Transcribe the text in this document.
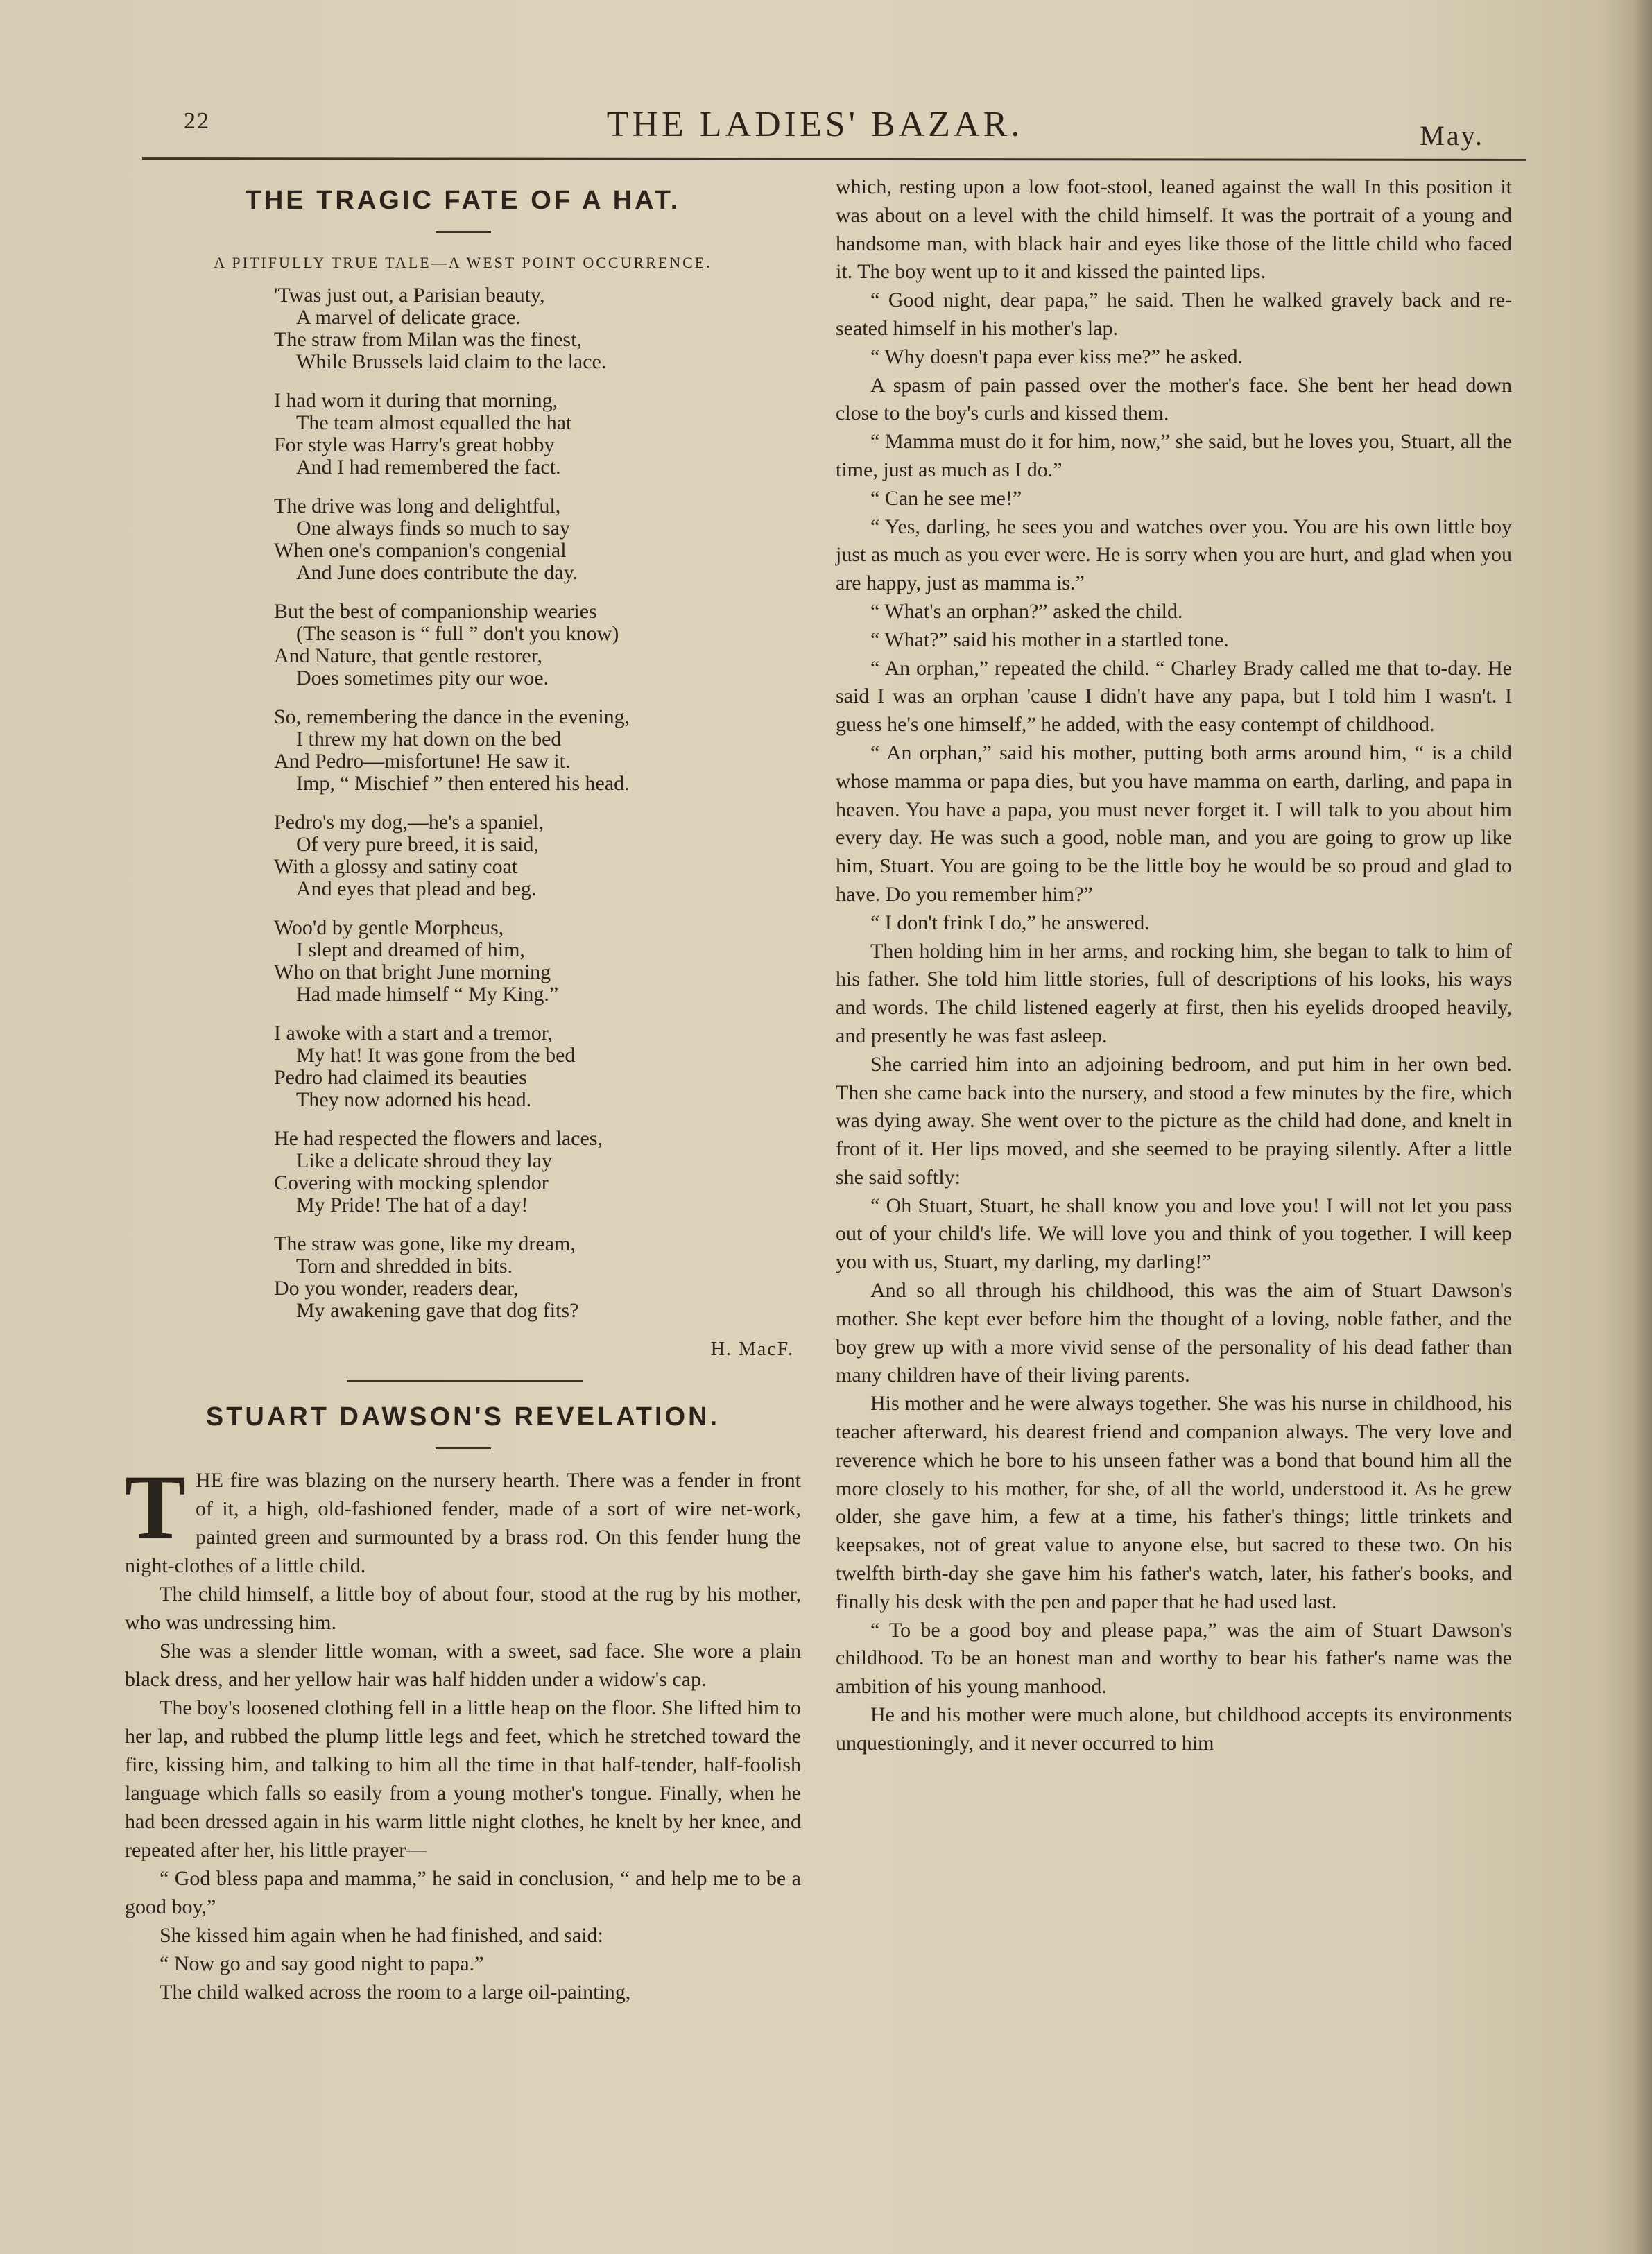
22	THE LADIES' BAZAR.	May.
THE TRAGIC FATE OF A HAT.
A PITIFULLY TRUE TALE—A WEST POINT OCCURRENCE.
'Twas just out, a Parisian beauty,
A marvel of delicate grace.
The straw from Milan was the finest,
While Brussels laid claim to the lace.
I had worn it during that morning,
The team almost equalled the hat
For style was Harry's great hobby
And I had remembered the fact.
The drive was long and delightful,
One always finds so much to say
When one's companion's congenial
And June does contribute the day.
But the best of companionship wearies
(The season is “ full ” don't you know)
And Nature, that gentle restorer,
Does sometimes pity our woe.
So, remembering the dance in the evening,
I threw my hat down on the bed
And Pedro—misfortune! He saw it.
Imp, “ Mischief ” then entered his head.
Pedro's my dog,—he's a spaniel,
Of very pure breed, it is said,
With a glossy and satiny coat
And eyes that plead and beg.
Woo'd by gentle Morpheus,
I slept and dreamed of him,
Who on that bright June morning
Had made himself “ My King.”
I awoke with a start and a tremor,
My hat! It was gone from the bed
Pedro had claimed its beauties
They now adorned his head.
He had respected the flowers and laces,
Like a delicate shroud they lay
Covering with mocking splendor
My Pride! The hat of a day!
The straw was gone, like my dream,
Torn and shredded in bits.
Do you wonder, readers dear,
My awakening gave that dog fits?
H. MacF.
STUART DAWSON'S REVELATION.

THE fire was blazing on the nursery hearth. There was a fender in front of it, a high, old-fashioned fender, made of a sort of wire net-work, painted green and surmounted by a brass rod. On this fender hung the night-clothes of a little child.

The child himself, a little boy of about four, stood at the rug by his mother, who was undressing him.

She was a slender little woman, with a sweet, sad face. She wore a plain black dress, and her yellow hair was half hidden under a widow's cap.

The boy's loosened clothing fell in a little heap on the floor. She lifted him to her lap, and rubbed the plump little legs and feet, which he stretched toward the fire, kissing him, and talking to him all the time in that half-tender, half-foolish language which falls so easily from a young mother's tongue. Finally, when he had been dressed again in his warm little night clothes, he knelt by her knee, and repeated after her, his little prayer—

“ God bless papa and mamma,” he said in conclusion, “ and help me to be a good boy,”

She kissed him again when he had finished, and said:

“ Now go and say good night to papa.”

The child walked across the room to a large oil-painting,

which, resting upon a low foot-stool, leaned against the wall In this position it was about on a level with the child himself. It was the portrait of a young and handsome man, with black hair and eyes like those of the little child who faced it. The boy went up to it and kissed the painted lips.

“ Good night, dear papa,” he said. Then he walked gravely back and re-seated himself in his mother's lap.

“ Why doesn't papa ever kiss me?” he asked.

A spasm of pain passed over the mother's face. She bent her head down close to the boy's curls and kissed them.

“ Mamma must do it for him, now,” she said, but he loves you, Stuart, all the time, just as much as I do.”

“ Can he see me!”

“ Yes, darling, he sees you and watches over you. You are his own little boy just as much as you ever were. He is sorry when you are hurt, and glad when you are happy, just as mamma is.”

“ What's an orphan?” asked the child.

“ What?” said his mother in a startled tone.

“ An orphan,” repeated the child. “ Charley Brady called me that to-day. He said I was an orphan 'cause I didn't have any papa, but I told him I wasn't. I guess he's one himself,” he added, with the easy contempt of childhood.

“ An orphan,” said his mother, putting both arms around him, “ is a child whose mamma or papa dies, but you have mamma on earth, darling, and papa in heaven. You have a papa, you must never forget it. I will talk to you about him every day. He was such a good, noble man, and you are going to grow up like him, Stuart. You are going to be the little boy he would be so proud and glad to have. Do you remember him?”

“ I don't frink I do,” he answered.

Then holding him in her arms, and rocking him, she began to talk to him of his father. She told him little stories, full of descriptions of his looks, his ways and words. The child listened eagerly at first, then his eyelids drooped heavily, and presently he was fast asleep.

She carried him into an adjoining bedroom, and put him in her own bed. Then she came back into the nursery, and stood a few minutes by the fire, which was dying away. She went over to the picture as the child had done, and knelt in front of it. Her lips moved, and she seemed to be praying silently. After a little she said softly:

“ Oh Stuart, Stuart, he shall know you and love you! I will not let you pass out of your child's life. We will love you and think of you together. I will keep you with us, Stuart, my darling, my darling!”

And so all through his childhood, this was the aim of Stuart Dawson's mother. She kept ever before him the thought of a loving, noble father, and the boy grew up with a more vivid sense of the personality of his dead father than many children have of their living parents.

His mother and he were always together. She was his nurse in childhood, his teacher afterward, his dearest friend and companion always. The very love and reverence which he bore to his unseen father was a bond that bound him all the more closely to his mother, for she, of all the world, understood it. As he grew older, she gave him, a few at a time, his father's things; little trinkets and keepsakes, not of great value to anyone else, but sacred to these two. On his twelfth birth-day she gave him his father's watch, later, his father's books, and finally his desk with the pen and paper that he had used last.

“ To be a good boy and please papa,” was the aim of Stuart Dawson's childhood. To be an honest man and worthy to bear his father's name was the ambition of his young manhood.

He and his mother were much alone, but childhood accepts its environments unquestioningly, and it never occurred to him
